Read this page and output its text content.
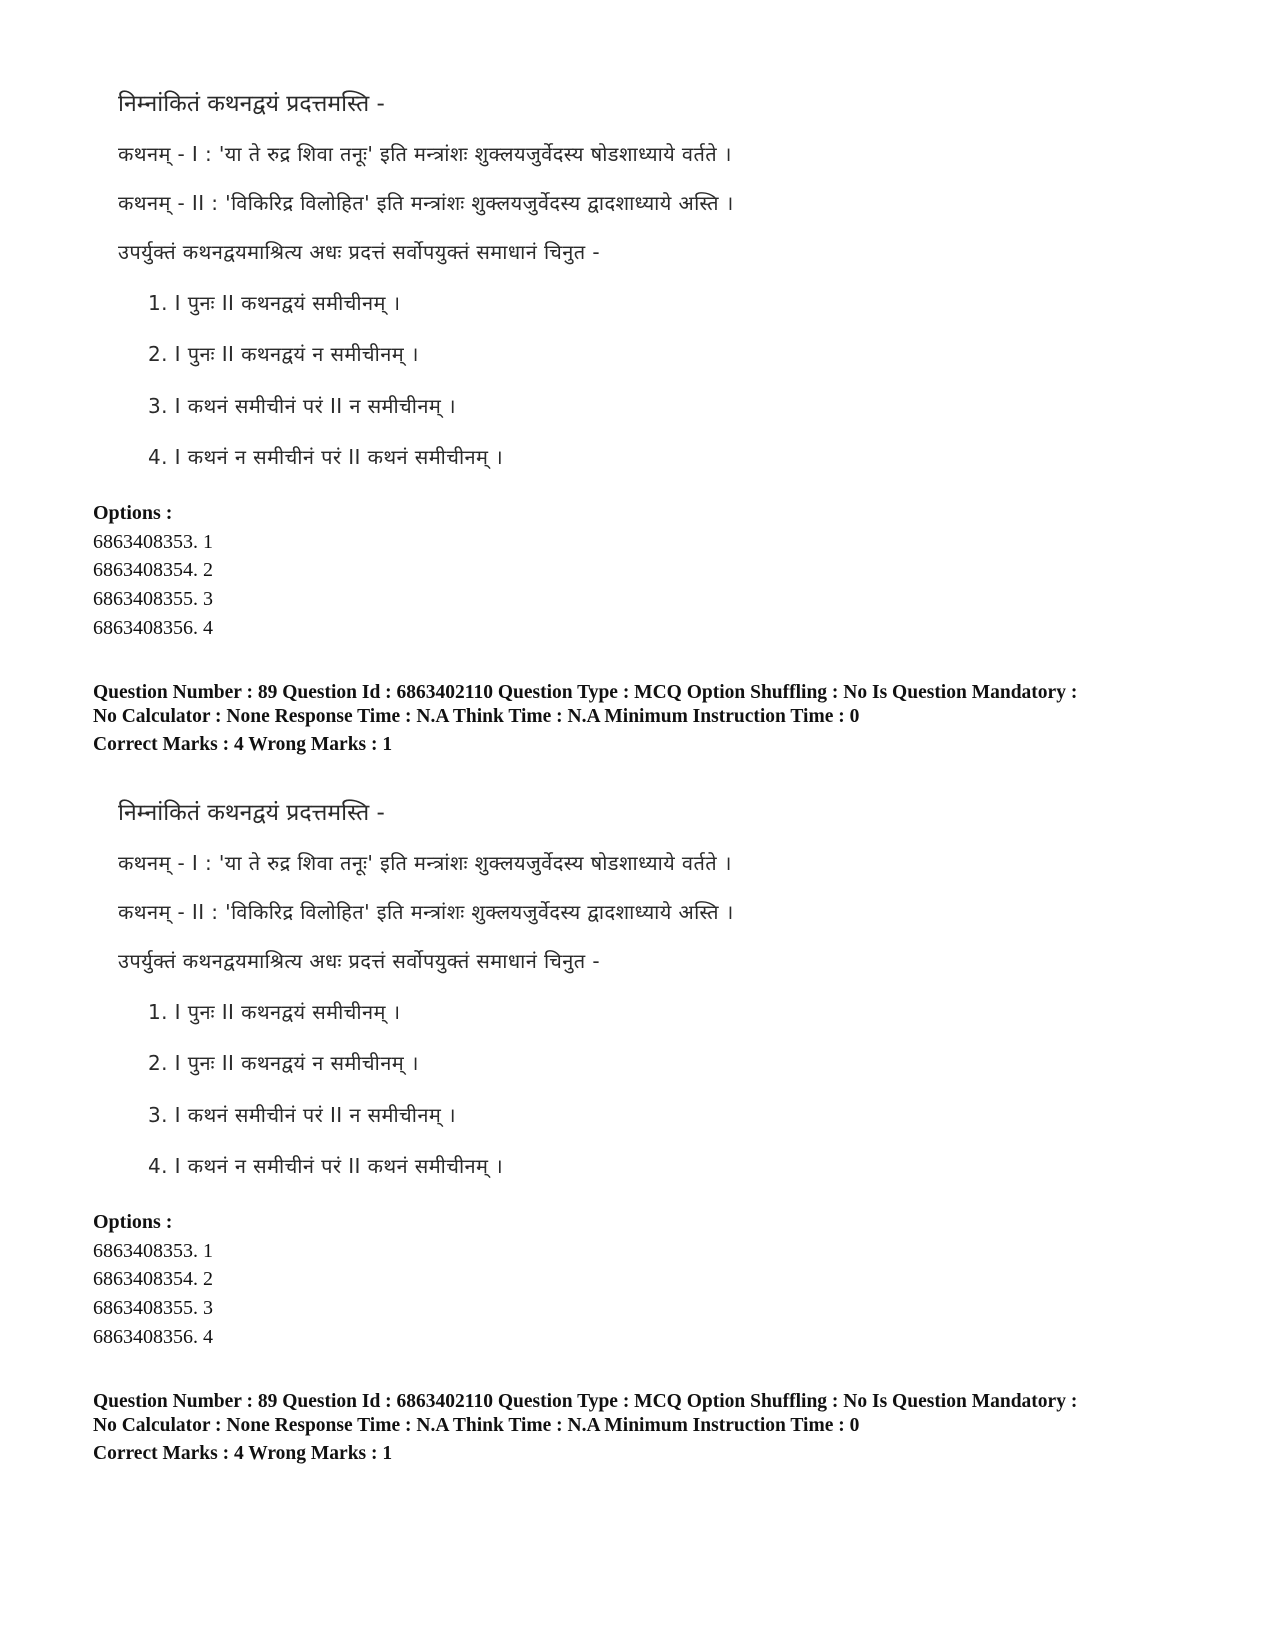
निम्नांकितं कथनद्वयं प्रदत्तमस्ति -
कथनम् - I : 'या ते रुद्र शिवा तनूः' इति मन्त्रांशः शुक्लयजुर्वेदस्य षोडशाध्याये वर्तते ।
कथनम् - II : 'विकिरिद्र विलोहित' इति मन्त्रांशः शुक्लयजुर्वेदस्य द्वादशाध्याये अस्ति ।
उपर्युक्तं कथनद्वयमाश्रित्य अधः प्रदत्तं सर्वोपयुक्तं समाधानं चिनुत -
1. I पुनः II कथनद्वयं समीचीनम् ।
2. I पुनः II कथनद्वयं न समीचीनम् ।
3. I कथनं समीचीनं परं II न समीचीनम् ।
4. I कथनं न समीचीनं परं II कथनं समीचीनम् ।
Options :
6863408353. 1
6863408354. 2
6863408355. 3
6863408356. 4
Question Number : 89 Question Id : 6863402110 Question Type : MCQ Option Shuffling : No Is Question Mandatory :
No Calculator : None Response Time : N.A Think Time : N.A Minimum Instruction Time : 0
Correct Marks : 4 Wrong Marks : 1
निम्नांकितं कथनद्वयं प्रदत्तमस्ति -
कथनम् - I : 'या ते रुद्र शिवा तनूः' इति मन्त्रांशः शुक्लयजुर्वेदस्य षोडशाध्याये वर्तते ।
कथनम् - II : 'विकिरिद्र विलोहित' इति मन्त्रांशः शुक्लयजुर्वेदस्य द्वादशाध्याये अस्ति ।
उपर्युक्तं कथनद्वयमाश्रित्य अधः प्रदत्तं सर्वोपयुक्तं समाधानं चिनुत -
1. I पुनः II कथनद्वयं समीचीनम् ।
2. I पुनः II कथनद्वयं न समीचीनम् ।
3. I कथनं समीचीनं परं II न समीचीनम् ।
4. I कथनं न समीचीनं परं II कथनं समीचीनम् ।
Options :
6863408353. 1
6863408354. 2
6863408355. 3
6863408356. 4
Question Number : 89 Question Id : 6863402110 Question Type : MCQ Option Shuffling : No Is Question Mandatory :
No Calculator : None Response Time : N.A Think Time : N.A Minimum Instruction Time : 0
Correct Marks : 4 Wrong Marks : 1
